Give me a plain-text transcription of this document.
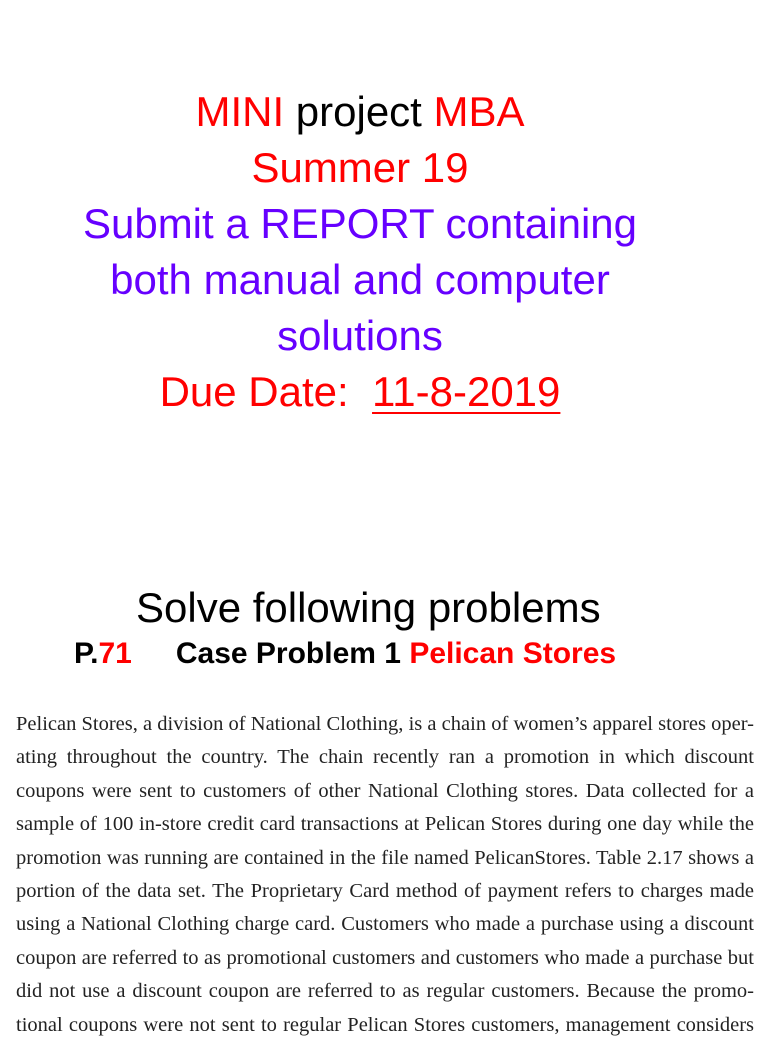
MINI project MBA
Summer 19
Submit a REPORT containing
both manual and computer
solutions
Due Date:  11-8-2019
Solve following problems
P.71 Case Problem 1 Pelican Stores
Pelican Stores, a division of National Clothing, is a chain of women’s apparel stores oper-
ating throughout the country. The chain recently ran a promotion in which discount
coupons were sent to customers of other National Clothing stores. Data collected for a
sample of 100 in-store credit card transactions at Pelican Stores during one day while the
promotion was running are contained in the file named PelicanStores. Table 2.17 shows a
portion of the data set. The Proprietary Card method of payment refers to charges made
using a National Clothing charge card. Customers who made a purchase using a discount
coupon are referred to as promotional customers and customers who made a purchase but
did not use a discount coupon are referred to as regular customers. Because the promo-
tional coupons were not sent to regular Pelican Stores customers, management considers
